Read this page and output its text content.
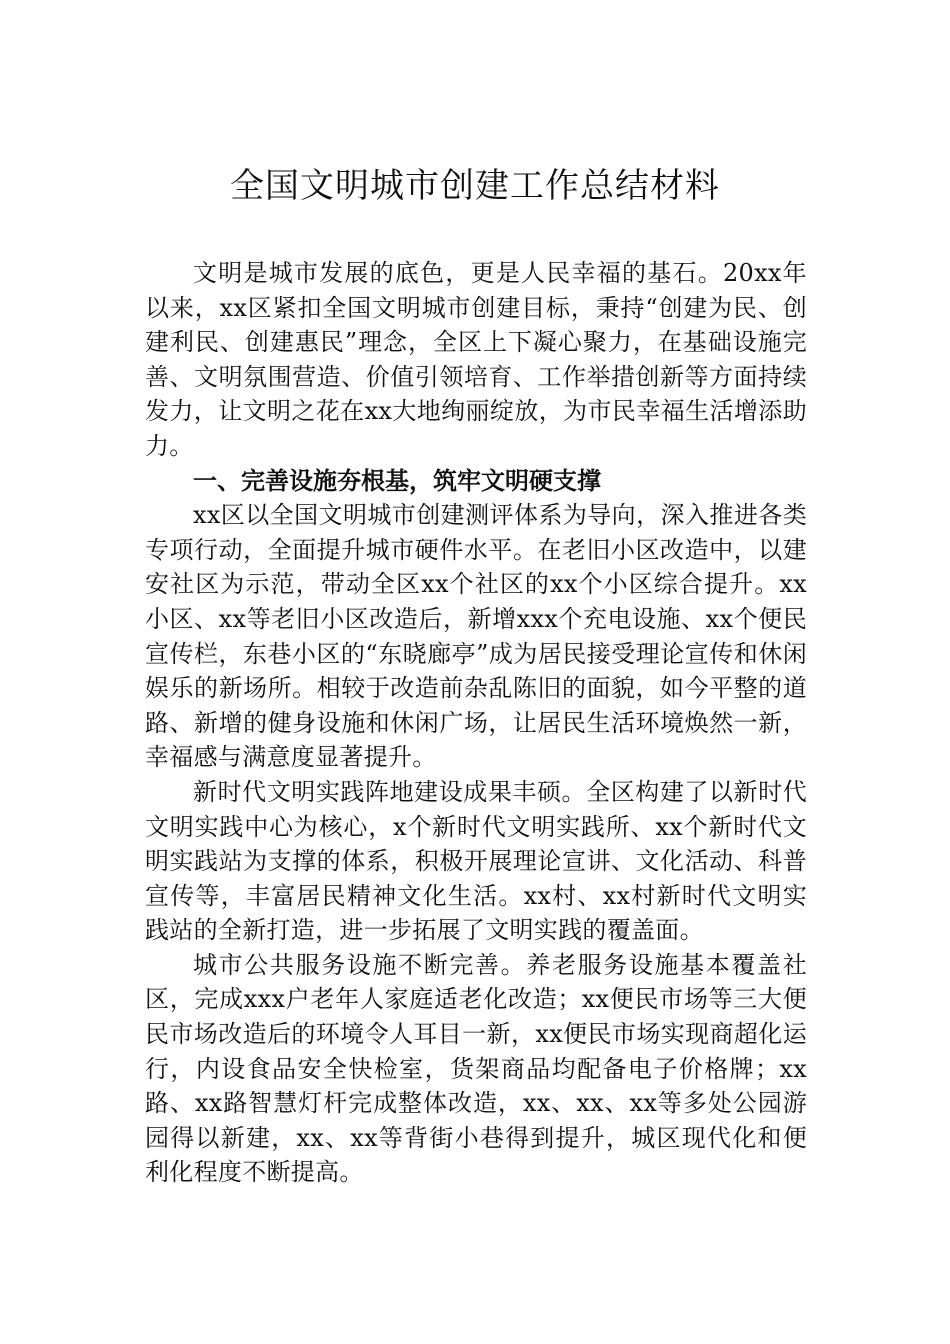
全国文明城市创建工作总结材料

文明是城市发展的底色，更是人民幸福的基石。20xx年以来，xx区紧扣全国文明城市创建目标，秉持“创建为民、创建利民、创建惠民”理念，全区上下凝心聚力，在基础设施完善、文明氛围营造、价值引领培育、工作举措创新等方面持续发力，让文明之花在xx大地绚丽绽放，为市民幸福生活增添助力。

一、完善设施夯根基，筑牢文明硬支撑

xx区以全国文明城市创建测评体系为导向，深入推进各类专项行动，全面提升城市硬件水平。在老旧小区改造中，以建安社区为示范，带动全区xx个社区的xx个小区综合提升。xx小区、xx等老旧小区改造后，新增xxx个充电设施、xx个便民宣传栏，东巷小区的“东晓廊亭”成为居民接受理论宣传和休闲娱乐的新场所。相较于改造前杂乱陈旧的面貌，如今平整的道路、新增的健身设施和休闲广场，让居民生活环境焕然一新，幸福感与满意度显著提升。

新时代文明实践阵地建设成果丰硕。全区构建了以新时代文明实践中心为核心，x个新时代文明实践所、xx个新时代文明实践站为支撑的体系，积极开展理论宣讲、文化活动、科普宣传等，丰富居民精神文化生活。xx村、xx村新时代文明实践站的全新打造，进一步拓展了文明实践的覆盖面。

城市公共服务设施不断完善。养老服务设施基本覆盖社区，完成xxx户老年人家庭适老化改造；xx便民市场等三大便民市场改造后的环境令人耳目一新，xx便民市场实现商超化运行，内设食品安全快检室，货架商品均配备电子价格牌；xx路、xx路智慧灯杆完成整体改造，xx、xx、xx等多处公园游园得以新建，xx、xx等背街小巷得到提升，城区现代化和便利化程度不断提高。
